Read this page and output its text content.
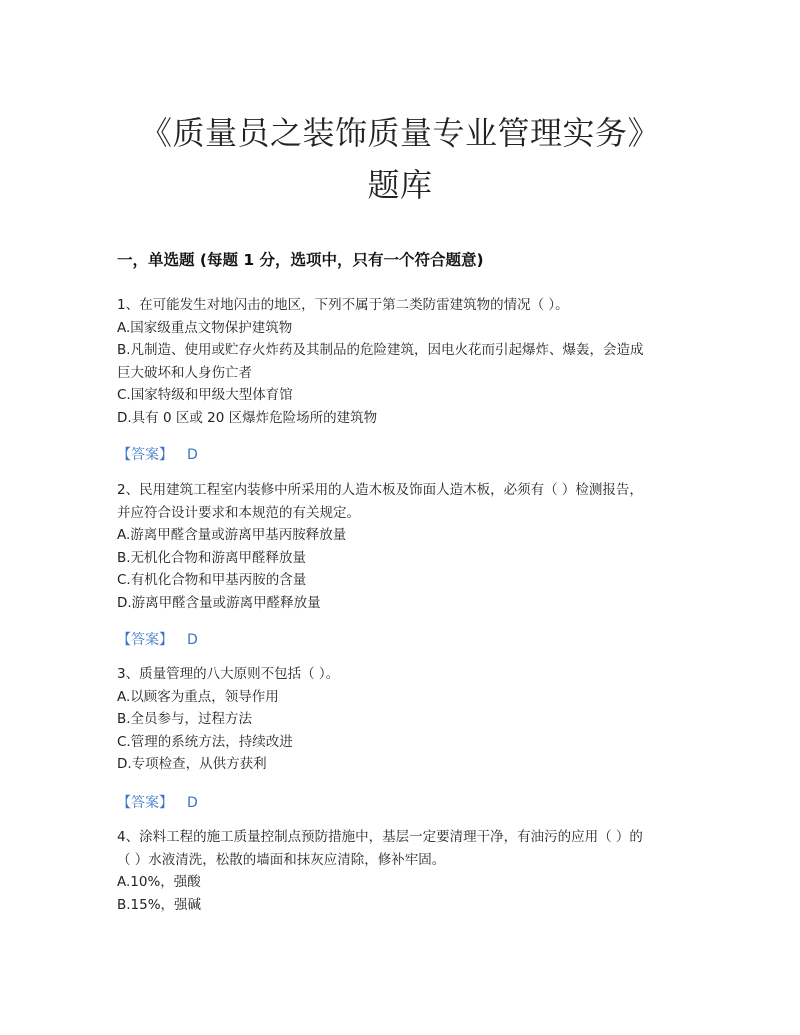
《质量员之装饰质量专业管理实务》
题库
一，单选题 (每题 1 分，选项中，只有一个符合题意)
1、在可能发生对地闪击的地区，下列不属于第二类防雷建筑物的情况（ ）。
A.国家级重点文物保护建筑物
B.凡制造、使用或贮存火炸药及其制品的危险建筑，因电火花而引起爆炸、爆轰，会造成
巨大破坏和人身伤亡者
C.国家特级和甲级大型体育馆
D.具有 0 区或 20 区爆炸危险场所的建筑物
【答案】 D
2、民用建筑工程室内装修中所采用的人造木板及饰面人造木板，必须有（ ）检测报告，
并应符合设计要求和本规范的有关规定。
A.游离甲醛含量或游离甲基丙胺释放量
B.无机化合物和游离甲醛释放量
C.有机化合物和甲基丙胺的含量
D.游离甲醛含量或游离甲醛释放量
【答案】 D
3、质量管理的八大原则不包括（ ）。
A.以顾客为重点，领导作用
B.全员参与，过程方法
C.管理的系统方法，持续改进
D.专项检查，从供方获利
【答案】 D
4、涂料工程的施工质量控制点预防措施中，基层一定要清理干净，有油污的应用（ ）的
（ ）水液清洗，松散的墙面和抹灰应清除，修补牢固。
A.10%，强酸
B.15%，强碱
